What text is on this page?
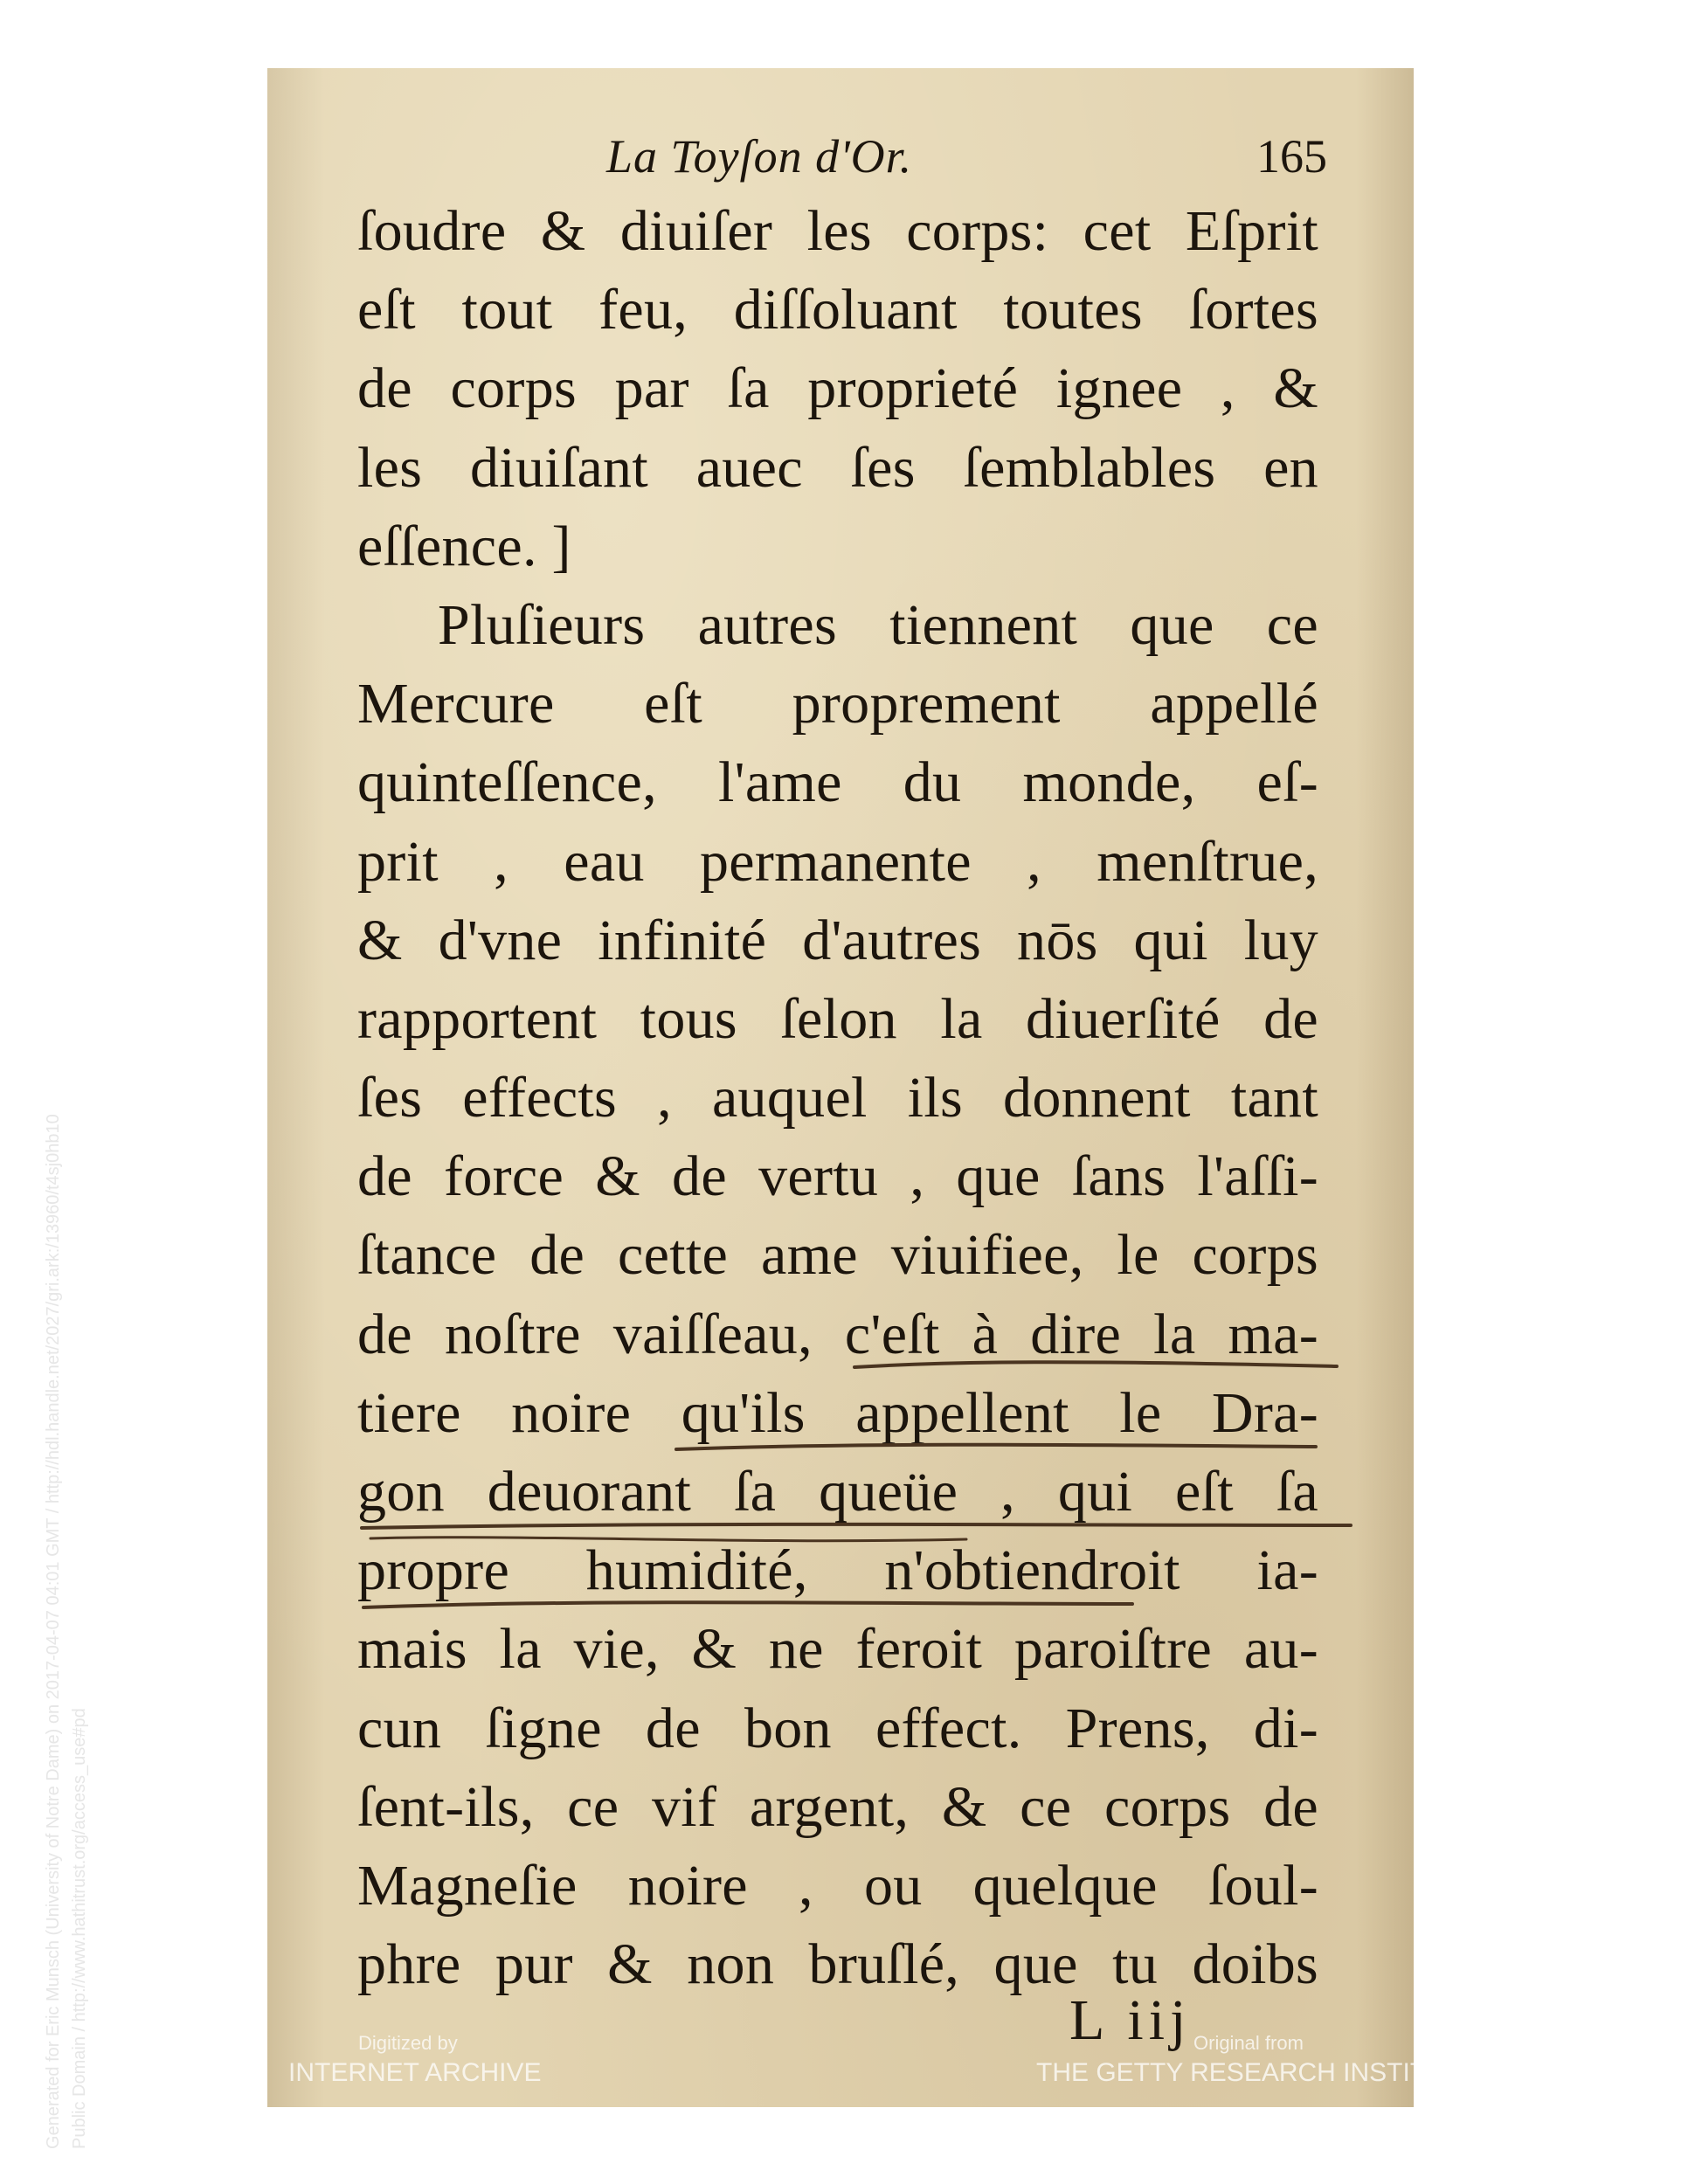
La Toyſon d'Or.	165
ſoudre & diuiſer les corps: cet Eſprit
eſt tout feu, diſſoluant toutes ſortes
de corps par ſa proprieté ignee , &
les diuiſant auec ſes ſemblables en
eſſence. ]
Pluſieurs autres tiennent que ce
Mercure eſt proprement appellé
quinteſſence, l'ame du monde, eſ-
prit , eau permanente , menſtrue,
& d'vne infinité d'autres nōs qui luy
rapportent tous ſelon la diuerſité de
ſes effects , auquel ils donnent tant
de force & de vertu , que ſans l'aſſi-
ſtance de cette ame viuifiee, le corps
de noſtre vaiſſeau, c'eſt à dire la ma-
tiere noire qu'ils appellent le Dra-
gon deuorant ſa queüe , qui eſt ſa
propre humidité, n'obtiendroit ia-
mais la vie, & ne feroit paroiſtre au-
cun ſigne de bon effect. Prens, di-
ſent-ils, ce vif argent, & ce corps de
Magneſie noire , ou quelque ſoul-
phre pur & non bruſlé, que tu doibs
L iij
Digitized by
INTERNET ARCHIVE
Original from
THE GETTY RESEARCH INSTITUTE
Generated for Eric Munsch (University of Notre Dame) on 2017-04-07 04:01 GMT / http://hdl.handle.net/2027/gri.ark:/13960/t4sj0hb10 Public Domain / http://www.hathitrust.org/access_use#pd
